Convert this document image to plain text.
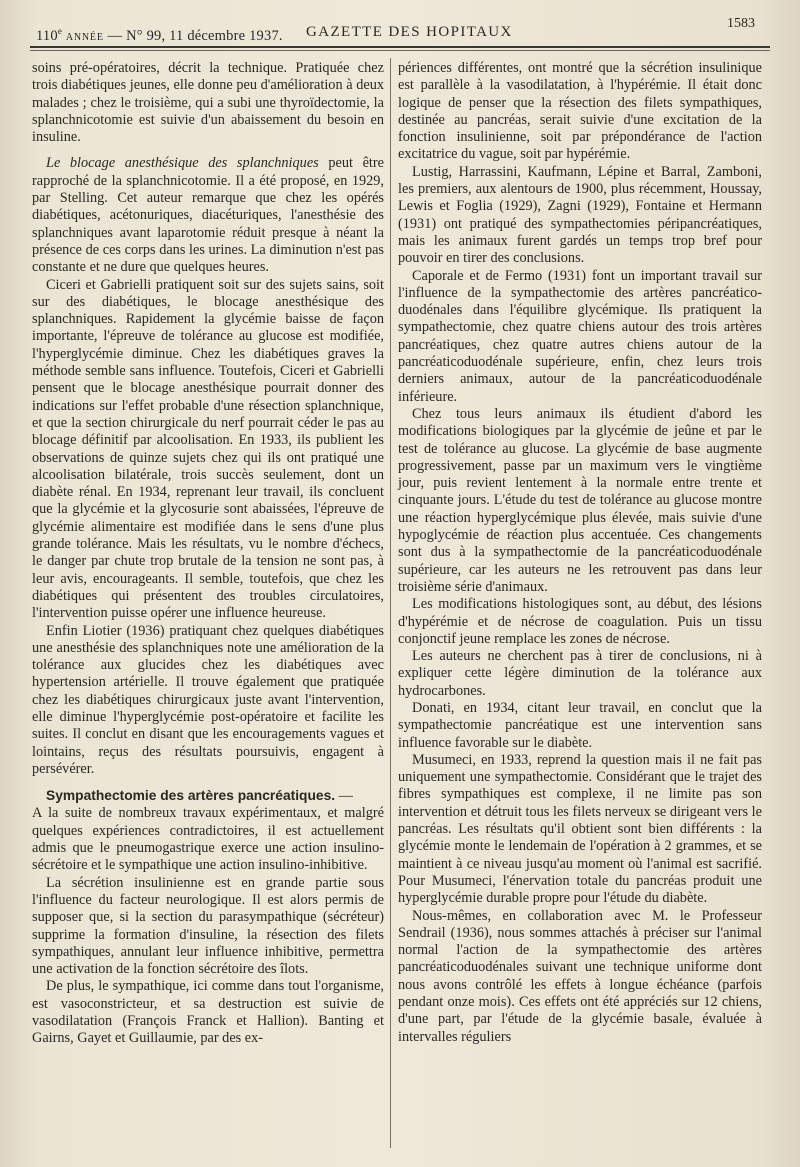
110e ANNÉE — N° 99, 11 décembre 1937. GAZETTE DES HOPITAUX
1583

soins pré-opératoires, décrit la technique. Pratiquée chez trois diabétiques jeunes, elle donne peu d'amélioration à deux malades ; chez le troisième, qui a subi une thyroïdectomie, la splanchnicotomie est suivie d'un abaissement du besoin en insuline.

Le blocage anesthésique des splanchniques peut être rapproché de la splanchnicotomie. Il a été proposé, en 1929, par Stelling. Cet auteur remarque que chez les opérés diabétiques, acétonuriques, diacéturiques, l'anesthésie des splanchniques avant laparotomie réduit presque à néant la présence de ces corps dans les urines. La diminution n'est pas constante et ne dure que quelques heures.

Ciceri et Gabrielli pratiquent soit sur des sujets sains, soit sur des diabétiques, le blocage anesthésique des splanchniques. Rapidement la glycémie baisse de façon importante, l'épreuve de tolérance au glucose est modifiée, l'hyperglycémie diminue. Chez les diabétiques graves la méthode semble sans influence. Toutefois, Ciceri et Gabrielli pensent que le blocage anesthésique pourrait donner des indications sur l'effet probable d'une résection splanchnique, et que la section chirurgicale du nerf pourrait céder le pas au blocage définitif par alcoolisation. En 1933, ils publient les observations de quinze sujets chez qui ils ont pratiqué une alcoolisation bilatérale, trois succès seulement, dont un diabète rénal. En 1934, reprenant leur travail, ils concluent que la glycémie et la glycosurie sont abaissées, l'épreuve de glycémie alimentaire est modifiée dans le sens d'une plus grande tolérance. Mais les résultats, vu le nombre d'échecs, le danger par chute trop brutale de la tension ne sont pas, à leur avis, encourageants. Il semble, toutefois, que chez les diabétiques qui présentent des troubles circulatoires, l'intervention puisse opérer une influence heureuse.

Enfin Liotier (1936) pratiquant chez quelques diabétiques une anesthésie des splanchniques note une amélioration de la tolérance aux glucides chez les diabétiques avec hypertension artérielle. Il trouve également que pratiquée chez les diabétiques chirurgicaux juste avant l'intervention, elle diminue l'hyperglycémie post-opératoire et facilite les suites. Il conclut en disant que les encouragements vagues et lointains, reçus des résultats poursuivis, engagent à persévérer.

Sympathectomie des artères pancréatiques. —

A la suite de nombreux travaux expérimentaux, et malgré quelques expériences contradictoires, il est actuellement admis que le pneumogastrique exerce une action insulino-sécrétoire et le sympathique une action insulino-inhibitive.

La sécrétion insulinienne est en grande partie sous l'influence du facteur neurologique. Il est alors permis de supposer que, si la section du parasympathique (sécréteur) supprime la formation d'insuline, la résection des filets sympathiques, annulant leur influence inhibitive, permettra une activation de la fonction sécrétoire des îlots.

De plus, le sympathique, ici comme dans tout l'organisme, est vasoconstricteur, et sa destruction est suivie de vasodilatation (François Franck et Hallion). Banting et Gairns, Gayet et Guillaumie, par des ex-

périences différentes, ont montré que la sécrétion insulinique est parallèle à la vasodilatation, à l'hypérémie. Il était donc logique de penser que la résection des filets sympathiques, destinée au pancréas, serait suivie d'une excitation de la fonction insulinienne, soit par prépondérance de l'action excitatrice du vague, soit par hypérémie.

Lustig, Harrassini, Kaufmann, Lépine et Barral, Zamboni, les premiers, aux alentours de 1900, plus récemment, Houssay, Lewis et Foglia (1929), Zagni (1929), Fontaine et Hermann (1931) ont pratiqué des sympathectomies péripancréatiques, mais les animaux furent gardés un temps trop bref pour pouvoir en tirer des conclusions.

Caporale et de Fermo (1931) font un important travail sur l'influence de la sympathectomie des artères pancréatico-duodénales dans l'équilibre glycémique. Ils pratiquent la sympathectomie, chez quatre chiens autour des trois artères pancréatiques, chez quatre autres chiens autour de la pancréaticoduodénale supérieure, enfin, chez leurs trois derniers animaux, autour de la pancréaticoduodénale inférieure.

Chez tous leurs animaux ils étudient d'abord les modifications biologiques par la glycémie de jeûne et par le test de tolérance au glucose. La glycémie de base augmente progressivement, passe par un maximum vers le vingtième jour, puis revient lentement à la normale entre trente et cinquante jours. L'étude du test de tolérance au glucose montre une réaction hyperglycémique plus élevée, mais suivie d'une hypoglycémie de réaction plus accentuée. Ces changements sont dus à la sympathectomie de la pancréaticoduodénale supérieure, car les auteurs ne les retrouvent pas dans leur troisième série d'animaux.

Les modifications histologiques sont, au début, des lésions d'hypérémie et de nécrose de coagulation. Puis un tissu conjonctif jeune remplace les zones de nécrose.

Les auteurs ne cherchent pas à tirer de conclusions, ni à expliquer cette légère diminution de la tolérance aux hydrocarbones.

Donati, en 1934, citant leur travail, en conclut que la sympathectomie pancréatique est une intervention sans influence favorable sur le diabète.

Musumeci, en 1933, reprend la question mais il ne fait pas uniquement une sympathectomie. Considérant que le trajet des fibres sympathiques est complexe, il ne limite pas son intervention et détruit tous les filets nerveux se dirigeant vers le pancréas. Les résultats qu'il obtient sont bien différents : la glycémie monte le lendemain de l'opération à 2 grammes, et se maintient à ce niveau jusqu'au moment où l'animal est sacrifié. Pour Musumeci, l'énervation totale du pancréas produit une hyperglycémie durable propre pour l'étude du diabète.

Nous-mêmes, en collaboration avec M. le Professeur Sendrail (1936), nous sommes attachés à préciser sur l'animal normal l'action de la sympathectomie des artères pancréaticoduodénales suivant une technique uniforme dont nous avons contrôlé les effets à longue échéance (parfois pendant onze mois). Ces effets ont été appréciés sur 12 chiens, d'une part, par l'étude de la glycémie basale, évaluée à intervalles réguliers
